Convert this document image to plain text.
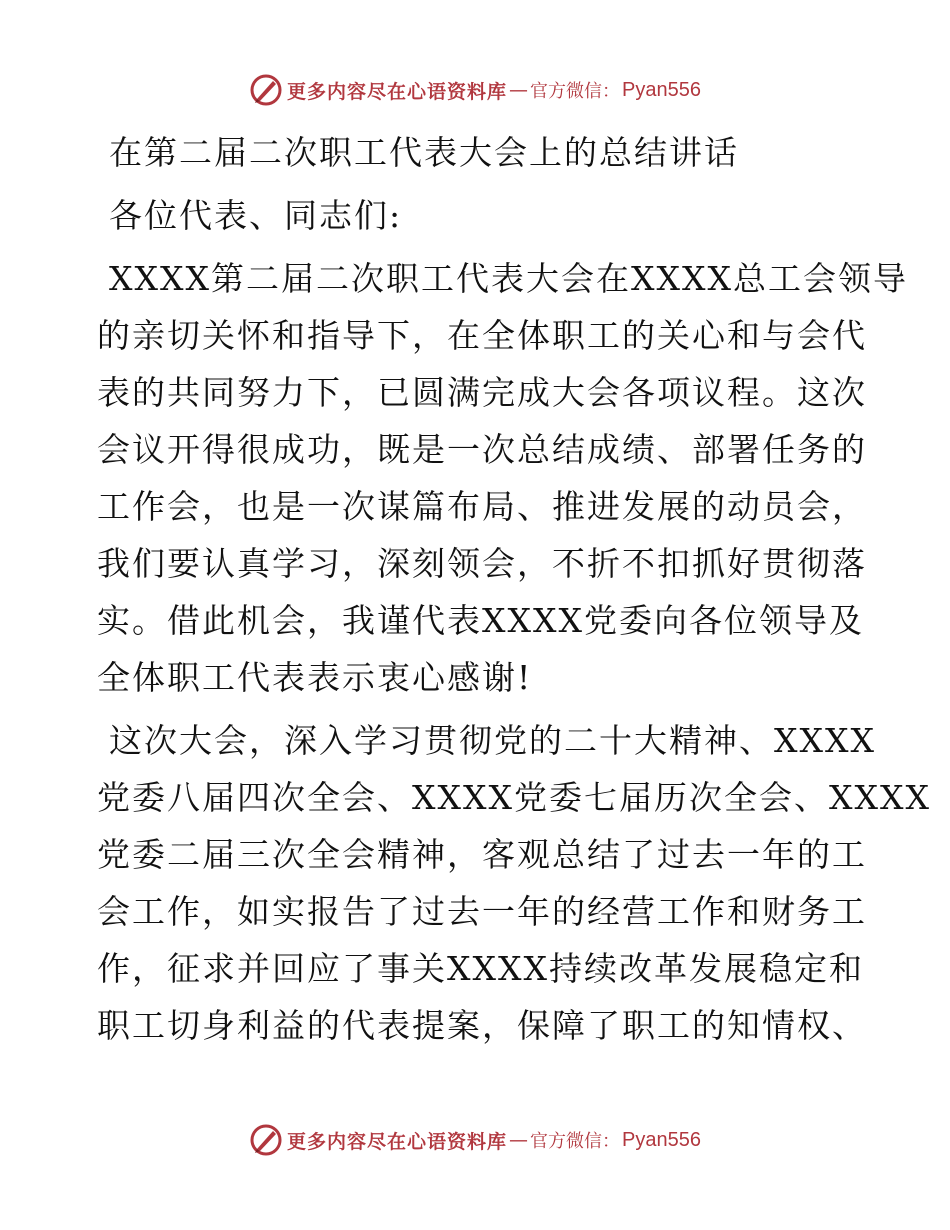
更多内容尽在心语资料库 — 官方微信： Pyan556
在第二届二次职工代表大会上的总结讲话
各位代表、同志们:
XXXX第二届二次职工代表大会在XXXX总工会领导
的亲切关怀和指导下，在全体职工的关心和与会代
表的共同努力下，已圆满完成大会各项议程。这次
会议开得很成功，既是一次总结成绩、部署任务的
工作会，也是一次谋篇布局、推进发展的动员会，
我们要认真学习，深刻领会，不折不扣抓好贯彻落
实。借此机会，我谨代表XXXX党委向各位领导及
全体职工代表表示衷心感谢!
这次大会，深入学习贯彻党的二十大精神、XXXX
党委八届四次全会、XXXX党委七届历次全会、XXXX
党委二届三次全会精神，客观总结了过去一年的工
会工作，如实报告了过去一年的经营工作和财务工
作，征求并回应了事关XXXX持续改革发展稳定和
职工切身利益的代表提案，保障了职工的知情权、
更多内容尽在心语资料库 — 官方微信： Pyan556
